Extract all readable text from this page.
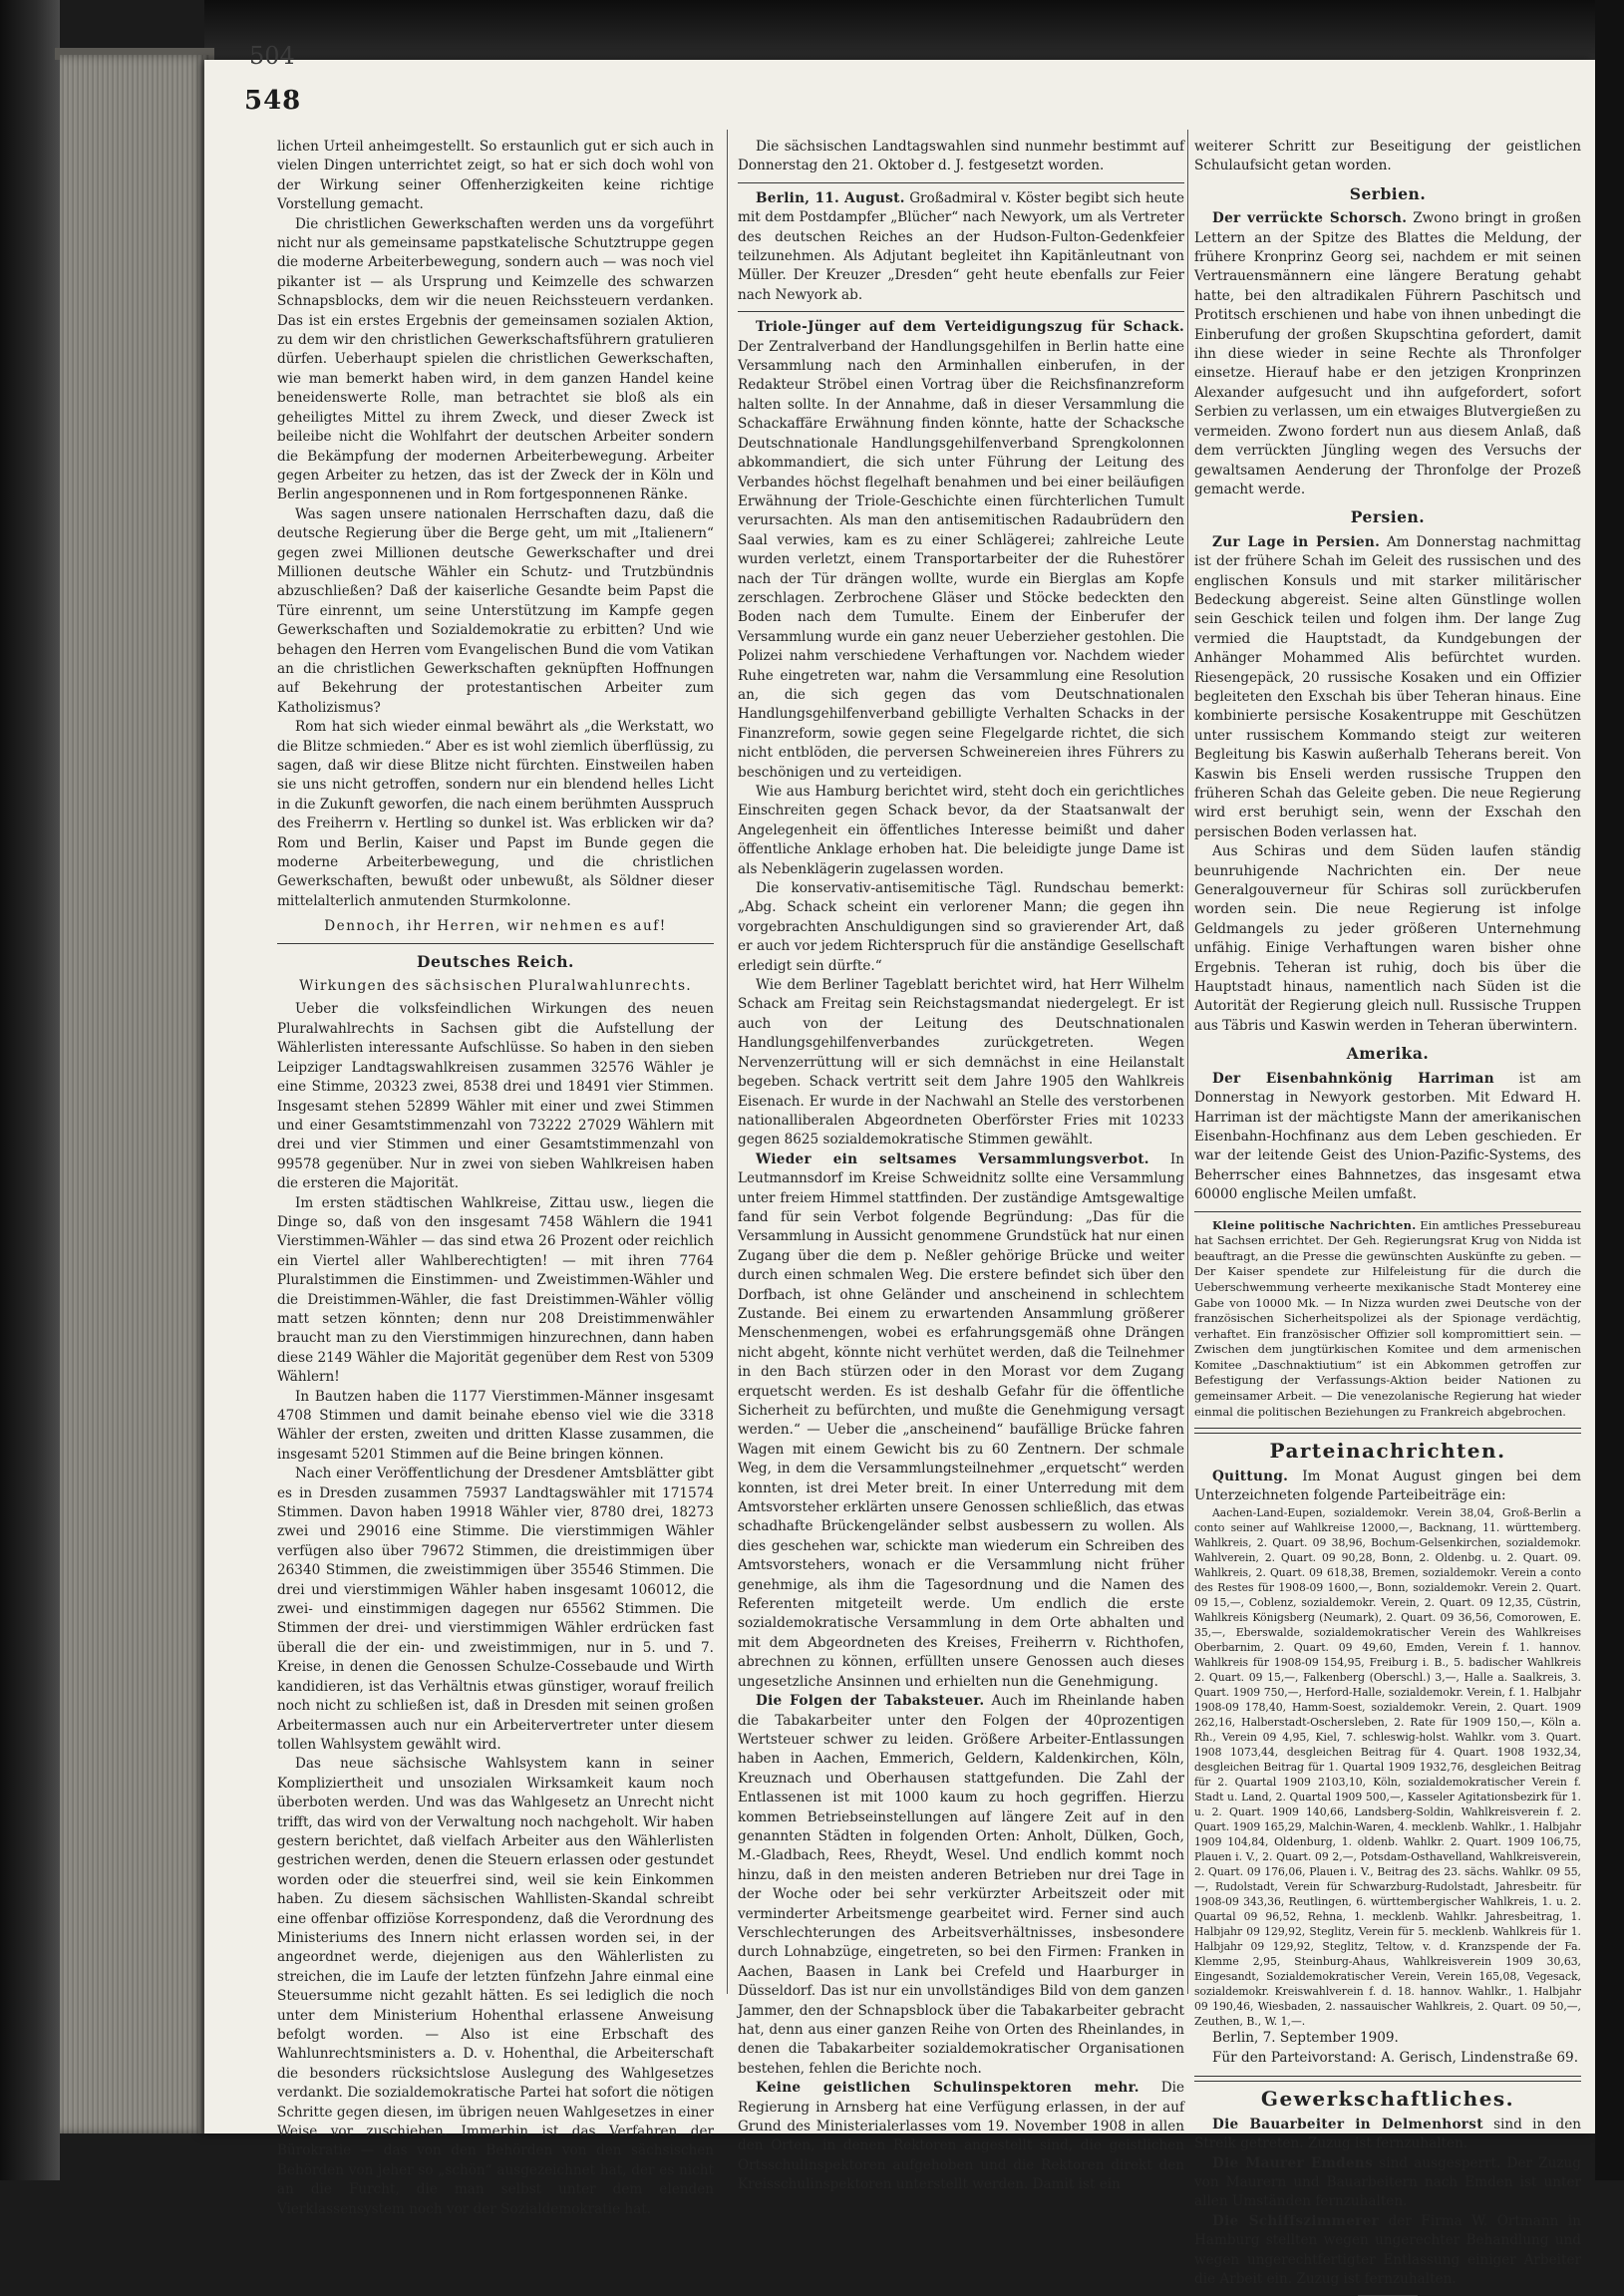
504
548

lichen Urteil anheimgestellt. So erstaunlich gut er sich auch in vielen Dingen unterrichtet zeigt, so hat er sich doch wohl von der Wirkung seiner Offenherzigkeiten keine richtige Vorstellung gemacht.

Die christlichen Gewerkschaften werden uns da vorgeführt nicht nur als gemeinsame papstkatelische Schutztruppe gegen die moderne Arbeiterbewegung, sondern auch — was noch viel pikanter ist — als Ursprung und Keimzelle des schwarzen Schnapsblocks, dem wir die neuen Reichssteuern verdanken. Das ist ein erstes Ergebnis der gemeinsamen sozialen Aktion, zu dem wir den christlichen Gewerkschaftsführern gratulieren dürfen. Ueberhaupt spielen die christlichen Gewerkschaften, wie man bemerkt haben wird, in dem ganzen Handel keine beneidenswerte Rolle, man betrachtet sie bloß als ein geheiligtes Mittel zu ihrem Zweck, und dieser Zweck ist beileibe nicht die Wohlfahrt der deutschen Arbeiter sondern die Bekämpfung der modernen Arbeiterbewegung. Arbeiter gegen Arbeiter zu hetzen, das ist der Zweck der in Köln und Berlin angesponnenen und in Rom fortgesponnenen Ränke.

Was sagen unsere nationalen Herrschaften dazu, daß die deutsche Regierung über die Berge geht, um mit „Italienern“ gegen zwei Millionen deutsche Gewerkschafter und drei Millionen deutsche Wähler ein Schutz- und Trutzbündnis abzuschließen? Daß der kaiserliche Gesandte beim Papst die Türe einrennt, um seine Unterstützung im Kampfe gegen Gewerkschaften und Sozialdemokratie zu erbitten? Und wie behagen den Herren vom Evangelischen Bund die vom Vatikan an die christlichen Gewerkschaften geknüpften Hoffnungen auf Bekehrung der protestantischen Arbeiter zum Katholizismus?

Rom hat sich wieder einmal bewährt als „die Werkstatt, wo die Blitze schmieden.“ Aber es ist wohl ziemlich überflüssig, zu sagen, daß wir diese Blitze nicht fürchten. Einstweilen haben sie uns nicht getroffen, sondern nur ein blendend helles Licht in die Zukunft geworfen, die nach einem berühmten Ausspruch des Freiherrn v. Hertling so dunkel ist. Was erblicken wir da? Rom und Berlin, Kaiser und Papst im Bunde gegen die moderne Arbeiterbewegung, und die christlichen Gewerkschaften, bewußt oder unbewußt, als Söldner dieser mittelalterlich anmutenden Sturmkolonne.

Dennoch, ihr Herren, wir nehmen es auf!

Deutsches Reich.
Wirkungen des sächsischen Pluralwahlunrechts.

Ueber die volksfeindlichen Wirkungen des neuen Pluralwahlrechts in Sachsen gibt die Aufstellung der Wählerlisten interessante Aufschlüsse. So haben in den sieben Leipziger Landtagswahlkreisen zusammen 32576 Wähler je eine Stimme, 20323 zwei, 8538 drei und 18491 vier Stimmen. Insgesamt stehen 52899 Wähler mit einer und zwei Stimmen und einer Gesamtstimmenzahl von 73222 27029 Wählern mit drei und vier Stimmen und einer Gesamtstimmenzahl von 99578 gegenüber. Nur in zwei von sieben Wahlkreisen haben die ersteren die Majorität.

Im ersten städtischen Wahlkreise, Zittau usw., liegen die Dinge so, daß von den insgesamt 7458 Wählern die 1941 Vierstimmen-Wähler — das sind etwa 26 Prozent oder reichlich ein Viertel aller Wahlberechtigten! — mit ihren 7764 Pluralstimmen die Einstimmen- und Zweistimmen-Wähler und die Dreistimmen-Wähler, die fast Dreistimmen-Wähler völlig matt setzen könnten; denn nur 208 Dreistimmenwähler braucht man zu den Vierstimmigen hinzurechnen, dann haben diese 2149 Wähler die Majorität gegenüber dem Rest von 5309 Wählern!

In Bautzen haben die 1177 Vierstimmen-Männer insgesamt 4708 Stimmen und damit beinahe ebenso viel wie die 3318 Wähler der ersten, zweiten und dritten Klasse zusammen, die insgesamt 5201 Stimmen auf die Beine bringen können.

Nach einer Veröffentlichung der Dresdener Amtsblätter gibt es in Dresden zusammen 75937 Landtagswähler mit 171574 Stimmen. Davon haben 19918 Wähler vier, 8780 drei, 18273 zwei und 29016 eine Stimme. Die vierstimmigen Wähler verfügen also über 79672 Stimmen, die dreistimmigen über 26340 Stimmen, die zweistimmigen über 35546 Stimmen. Die drei und vierstimmigen Wähler haben insgesamt 106012, die zwei- und einstimmigen dagegen nur 65562 Stimmen. Die Stimmen der drei- und vierstimmigen Wähler erdrücken fast überall die der ein- und zweistimmigen, nur in 5. und 7. Kreise, in denen die Genossen Schulze-Cossebaude und Wirth kandidieren, ist das Verhältnis etwas günstiger, worauf freilich noch nicht zu schließen ist, daß in Dresden mit seinen großen Arbeitermassen auch nur ein Arbeitervertreter unter diesem tollen Wahlsystem gewählt wird.

Das neue sächsische Wahlsystem kann in seiner Kompliziertheit und unsozialen Wirksamkeit kaum noch überboten werden. Und was das Wahlgesetz an Unrecht nicht trifft, das wird von der Verwaltung noch nachgeholt. Wir haben gestern berichtet, daß vielfach Arbeiter aus den Wählerlisten gestrichen werden, denen die Steuern erlassen oder gestundet worden oder die steuerfrei sind, weil sie kein Einkommen haben. Zu diesem sächsischen Wahllisten-Skandal schreibt eine offenbar offiziöse Korrespondenz, daß die Verordnung des Ministeriums des Innern nicht erlassen worden sei, in der angeordnet werde, diejenigen aus den Wählerlisten zu streichen, die im Laufe der letzten fünfzehn Jahre einmal eine Steuersumme nicht gezahlt hätten. Es sei lediglich die noch unter dem Ministerium Hohenthal erlassene Anweisung befolgt worden. — Also ist eine Erbschaft des Wahlunrechtsministers a. D. v. Hohenthal, die Arbeiterschaft die besonders rücksichtslose Auslegung des Wahlgesetzes verdankt. Die sozialdemokratische Partei hat sofort die nötigen Schritte gegen diesen, im übrigen neuen Wahlgesetzes in einer Weise vor zuschieben. Immerhin ist das Verfahren der Bürokratie — das von den Behörden von den sächsischen Behörden von jeher so „schön“ ausgezeichnet hat, der es nicht an die Furcht, die man selbst unter dem elenden Vierklassensystem noch vor der Sozialdemokratie hat.

Die sächsischen Landtagswahlen sind nunmehr bestimmt auf Donnerstag den 21. Oktober d. J. festgesetzt worden.

Berlin, 11. August. Großadmiral v. Köster begibt sich heute mit dem Postdampfer „Blücher“ nach Newyork, um als Vertreter des deutschen Reiches an der Hudson-Fulton-Gedenkfeier teilzunehmen. Als Adjutant begleitet ihn Kapitänleutnant von Müller. Der Kreuzer „Dresden“ geht heute ebenfalls zur Feier nach Newyork ab.

Triole-Jünger auf dem Verteidigungszug für Schack. Der Zentralverband der Handlungsgehilfen in Berlin hatte eine Versammlung nach den Arminhallen einberufen, in der Redakteur Ströbel einen Vortrag über die Reichsfinanzreform halten sollte. In der Annahme, daß in dieser Versammlung die Schackaffäre Erwähnung finden könnte, hatte der Schacksche Deutschnationale Handlungsgehilfenverband Sprengkolonnen abkommandiert, die sich unter Führung der Leitung des Verbandes höchst flegelhaft benahmen und bei einer beiläufigen Erwähnung der Triole-Geschichte einen fürchterlichen Tumult verursachten. Als man den antisemitischen Radaubrüdern den Saal verwies, kam es zu einer Schlägerei; zahlreiche Leute wurden verletzt, einem Transportarbeiter der die Ruhestörer nach der Tür drängen wollte, wurde ein Bierglas am Kopfe zerschlagen. Zerbrochene Gläser und Stöcke bedeckten den Boden nach dem Tumulte. Einem der Einberufer der Versammlung wurde ein ganz neuer Ueberzieher gestohlen. Die Polizei nahm verschiedene Verhaftungen vor. Nachdem wieder Ruhe eingetreten war, nahm die Versammlung eine Resolution an, die sich gegen das vom Deutschnationalen Handlungsgehilfenverband gebilligte Verhalten Schacks in der Finanzreform, sowie gegen seine Flegelgarde richtet, die sich nicht entblöden, die perversen Schweinereien ihres Führers zu beschönigen und zu verteidigen.

Wie aus Hamburg berichtet wird, steht doch ein gerichtliches Einschreiten gegen Schack bevor, da der Staatsanwalt der Angelegenheit ein öffentliches Interesse beimißt und daher öffentliche Anklage erhoben hat. Die beleidigte junge Dame ist als Nebenklägerin zugelassen worden.

Die konservativ-antisemitische Tägl. Rundschau bemerkt: „Abg. Schack scheint ein verlorener Mann; die gegen ihn vorgebrachten Anschuldigungen sind so gravierender Art, daß er auch vor jedem Richterspruch für die anständige Gesellschaft erledigt sein dürfte.“

Wie dem Berliner Tageblatt berichtet wird, hat Herr Wilhelm Schack am Freitag sein Reichstagsmandat niedergelegt. Er ist auch von der Leitung des Deutschnationalen Handlungsgehilfenverbandes zurückgetreten. Wegen Nervenzerrüttung will er sich demnächst in eine Heilanstalt begeben. Schack vertritt seit dem Jahre 1905 den Wahlkreis Eisenach. Er wurde in der Nachwahl an Stelle des verstorbenen nationalliberalen Abgeordneten Oberförster Fries mit 10233 gegen 8625 sozialdemokratische Stimmen gewählt.

Wieder ein seltsames Versammlungsverbot. In Leutmannsdorf im Kreise Schweidnitz sollte eine Versammlung unter freiem Himmel stattfinden. Der zuständige Amtsgewaltige fand für sein Verbot folgende Begründung: „Das für die Versammlung in Aussicht genommene Grundstück hat nur einen Zugang über die dem p. Neßler gehörige Brücke und weiter durch einen schmalen Weg. Die erstere befindet sich über den Dorfbach, ist ohne Geländer und anscheinend in schlechtem Zustande. Bei einem zu erwartenden Ansammlung größerer Menschenmengen, wobei es erfahrungsgemäß ohne Drängen nicht abgeht, könnte nicht verhütet werden, daß die Teilnehmer in den Bach stürzen oder in den Morast vor dem Zugang erquetscht werden. Es ist deshalb Gefahr für die öffentliche Sicherheit zu befürchten, und mußte die Genehmigung versagt werden.“ — Ueber die „anscheinend“ baufällige Brücke fahren Wagen mit einem Gewicht bis zu 60 Zentnern. Der schmale Weg, in dem die Versammlungsteilnehmer „erquetscht“ werden konnten, ist drei Meter breit. In einer Unterredung mit dem Amtsvorsteher erklärten unsere Genossen schließlich, das etwas schadhafte Brückengeländer selbst ausbessern zu wollen. Als dies geschehen war, schickte man wiederum ein Schreiben des Amtsvorstehers, wonach er die Versammlung nicht früher genehmige, als ihm die Tagesordnung und die Namen des Referenten mitgeteilt werde. Um endlich die erste sozialdemokratische Versammlung in dem Orte abhalten und mit dem Abgeordneten des Kreises, Freiherrn v. Richthofen, abrechnen zu können, erfüllten unsere Genossen auch dieses ungesetzliche Ansinnen und erhielten nun die Genehmigung.

Die Folgen der Tabaksteuer. Auch im Rheinlande haben die Tabakarbeiter unter den Folgen der 40prozentigen Wertsteuer schwer zu leiden. Größere Arbeiter-Entlassungen haben in Aachen, Emmerich, Geldern, Kaldenkirchen, Köln, Kreuznach und Oberhausen stattgefunden. Die Zahl der Entlassenen ist mit 1000 kaum zu hoch gegriffen. Hierzu kommen Betriebseinstellungen auf längere Zeit auf in den genannten Städten in folgenden Orten: Anholt, Dülken, Goch, M.-Gladbach, Rees, Rheydt, Wesel. Und endlich kommt noch hinzu, daß in den meisten anderen Betrieben nur drei Tage in der Woche oder bei sehr verkürzter Arbeitszeit oder mit verminderter Arbeitsmenge gearbeitet wird. Ferner sind auch Verschlechterungen des Arbeitsverhältnisses, insbesondere durch Lohnabzüge, eingetreten, so bei den Firmen: Franken in Aachen, Baasen in Lank bei Crefeld und Haarburger in Düsseldorf. Das ist nur ein unvollständiges Bild von dem ganzen Jammer, den der Schnapsblock über die Tabakarbeiter gebracht hat, denn aus einer ganzen Reihe von Orten des Rheinlandes, in denen die Tabakarbeiter sozialdemokratischer Organisationen bestehen, fehlen die Berichte noch.

Keine geistlichen Schulinspektoren mehr. Die Regierung in Arnsberg hat eine Verfügung erlassen, in der auf Grund des Ministerialerlasses vom 19. November 1908 in allen den Orten, in denen Rektoren angestellt sind, die geistlichen Ortsschulinspektoren aufgehoben und die Rektoren direkt den Kreisschulinspektoren unterstellt werden. Damit ist ein

weiterer Schritt zur Beseitigung der geistlichen Schulaufsicht getan worden.

Serbien.

Der verrückte Schorsch. Zwono bringt in großen Lettern an der Spitze des Blattes die Meldung, der frühere Kronprinz Georg sei, nachdem er mit seinen Vertrauensmännern eine längere Beratung gehabt hatte, bei den altradikalen Führern Paschitsch und Protitsch erschienen und habe von ihnen unbedingt die Einberufung der großen Skupschtina gefordert, damit ihn diese wieder in seine Rechte als Thronfolger einsetze. Hierauf habe er den jetzigen Kronprinzen Alexander aufgesucht und ihn aufgefordert, sofort Serbien zu verlassen, um ein etwaiges Blutvergießen zu vermeiden. Zwono fordert nun aus diesem Anlaß, daß dem verrückten Jüngling wegen des Versuchs der gewaltsamen Aenderung der Thronfolge der Prozeß gemacht werde.

Persien.

Zur Lage in Persien. Am Donnerstag nachmittag ist der frühere Schah im Geleit des russischen und des englischen Konsuls und mit starker militärischer Bedeckung abgereist. Seine alten Günstlinge wollen sein Geschick teilen und folgen ihm. Der lange Zug vermied die Hauptstadt, da Kundgebungen der Anhänger Mohammed Alis befürchtet wurden. Riesengepäck, 20 russische Kosaken und ein Offizier begleiteten den Exschah bis über Teheran hinaus. Eine kombinierte persische Kosakentruppe mit Geschützen unter russischem Kommando steigt zur weiteren Begleitung bis Kaswin außerhalb Teherans bereit. Von Kaswin bis Enseli werden russische Truppen den früheren Schah das Geleite geben. Die neue Regierung wird erst beruhigt sein, wenn der Exschah den persischen Boden verlassen hat.

Aus Schiras und dem Süden laufen ständig beunruhigende Nachrichten ein. Der neue Generalgouverneur für Schiras soll zurückberufen worden sein. Die neue Regierung ist infolge Geldmangels zu jeder größeren Unternehmung unfähig. Einige Verhaftungen waren bisher ohne Ergebnis. Teheran ist ruhig, doch bis über die Hauptstadt hinaus, namentlich nach Süden ist die Autorität der Regierung gleich null. Russische Truppen aus Täbris und Kaswin werden in Teheran überwintern.

Amerika.

Der Eisenbahnkönig Harriman ist am Donnerstag in Newyork gestorben. Mit Edward H. Harriman ist der mächtigste Mann der amerikanischen Eisenbahn-Hochfinanz aus dem Leben geschieden. Er war der leitende Geist des Union-Pazific-Systems, des Beherrscher eines Bahnnetzes, das insgesamt etwa 60000 englische Meilen umfaßt.

Kleine politische Nachrichten. Ein amtliches Pressebureau hat Sachsen errichtet. Der Geh. Regierungsrat Krug von Nidda ist beauftragt, an die Presse die gewünschten Auskünfte zu geben. — Der Kaiser spendete zur Hilfeleistung für die durch die Ueberschwemmung verheerte mexikanische Stadt Monterey eine Gabe von 10000 Mk. — In Nizza wurden zwei Deutsche von der französischen Sicherheitspolizei als der Spionage verdächtig, verhaftet. Ein französischer Offizier soll kompromittiert sein. — Zwischen dem jungtürkischen Komitee und dem armenischen Komitee „Daschnaktiutium“ ist ein Abkommen getroffen zur Befestigung der Verfassungs-Aktion beider Nationen zu gemeinsamer Arbeit. — Die venezolanische Regierung hat wieder einmal die politischen Beziehungen zu Frankreich abgebrochen.

Parteinachrichten.

Quittung. Im Monat August gingen bei dem Unterzeichneten folgende Parteibeiträge ein:

Aachen-Land-Eupen, sozialdemokr. Verein 38,04, Groß-Berlin a conto seiner auf Wahlkreise 12000,—, Backnang, 11. württemberg. Wahlkreis, 2. Quart. 09 38,96, Bochum-Gelsenkirchen, sozialdemokr. Wahlverein, 2. Quart. 09 90,28, Bonn, 2. Oldenbg. u. 2. Quart. 09. Wahlkreis, 2. Quart. 09 618,38, Bremen, sozialdemokr. Verein a conto des Restes für 1908-09 1600,—, Bonn, sozialdemokr. Verein 2. Quart. 09 15,—, Coblenz, sozialdemokr. Verein, 2. Quart. 09 12,35, Cüstrin, Wahlkreis Königsberg (Neumark), 2. Quart. 09 36,56, Comorowen, E. 35,—, Eberswalde, sozialdemokratischer Verein des Wahlkreises Oberbarnim, 2. Quart. 09 49,60, Emden, Verein f. 1. hannov. Wahlkreis für 1908-09 154,95, Freiburg i. B., 5. badischer Wahlkreis 2. Quart. 09 15,—, Falkenberg (Oberschl.) 3,—, Halle a. Saalkreis, 3. Quart. 1909 750,—, Herford-Halle, sozialdemokr. Verein, f. 1. Halbjahr 1908-09 178,40, Hamm-Soest, sozialdemokr. Verein, 2. Quart. 1909 262,16, Halberstadt-Oschersleben, 2. Rate für 1909 150,—, Köln a. Rh., Verein 09 4,95, Kiel, 7. schleswig-holst. Wahlkr. vom 3. Quart. 1908 1073,44, desgleichen Beitrag für 4. Quart. 1908 1932,34, desgleichen Beitrag für 1. Quartal 1909 1932,76, desgleichen Beitrag für 2. Quartal 1909 2103,10, Köln, sozialdemokratischer Verein f. Stadt u. Land, 2. Quartal 1909 500,—, Kasseler Agitationsbezirk für 1. u. 2. Quart. 1909 140,66, Landsberg-Soldin, Wahlkreisverein f. 2. Quart. 1909 165,29, Malchin-Waren, 4. mecklenb. Wahlkr., 1. Halbjahr 1909 104,84, Oldenburg, 1. oldenb. Wahlkr. 2. Quart. 1909 106,75, Plauen i. V., 2. Quart. 09 2,—, Potsdam-Osthavelland, Wahlkreisverein, 2. Quart. 09 176,06, Plauen i. V., Beitrag des 23. sächs. Wahlkr. 09 55,—, Rudolstadt, Verein für Schwarzburg-Rudolstadt, Jahresbeitr. für 1908-09 343,36, Reutlingen, 6. württembergischer Wahlkreis, 1. u. 2. Quartal 09 96,52, Rehna, 1. mecklenb. Wahlkr. Jahresbeitrag, 1. Halbjahr 09 129,92, Steglitz, Verein für 5. mecklenb. Wahlkreis für 1. Halbjahr 09 129,92, Steglitz, Teltow, v. d. Kranzspende der Fa. Klemme 2,95, Steinburg-Ahaus, Wahlkreisverein 1909 30,63, Eingesandt, Sozialdemokratischer Verein, Verein 165,08, Vegesack, sozialdemokr. Kreiswahlverein f. d. 18. hannov. Wahlkr., 1. Halbjahr 09 190,46, Wiesbaden, 2. nassauischer Wahlkreis, 2. Quart. 09 50,—, Zeuthen, B., W. 1,—.

Berlin, 7. September 1909.

Für den Parteivorstand: A. Gerisch, Lindenstraße 69.

Gewerkschaftliches.

Die Bauarbeiter in Delmenhorst sind in den Streik getreten. Zuzug ist fernzuhalten.

Die Maurer Emdens sind ausgesperrt. Der Zuzug von Maurern und Bauarbeitern nach Emden ist unter allen Umständen fernzuhalten.

Die Schiffszimmerer der Firma W. Ortmann in Hamburg stellten wegen ungerechter Behandlung und wegen ungerechtfertigter Entlassung einiger Arbeiter die Arbeit ein. Zuzug ist fernzuhalten.
